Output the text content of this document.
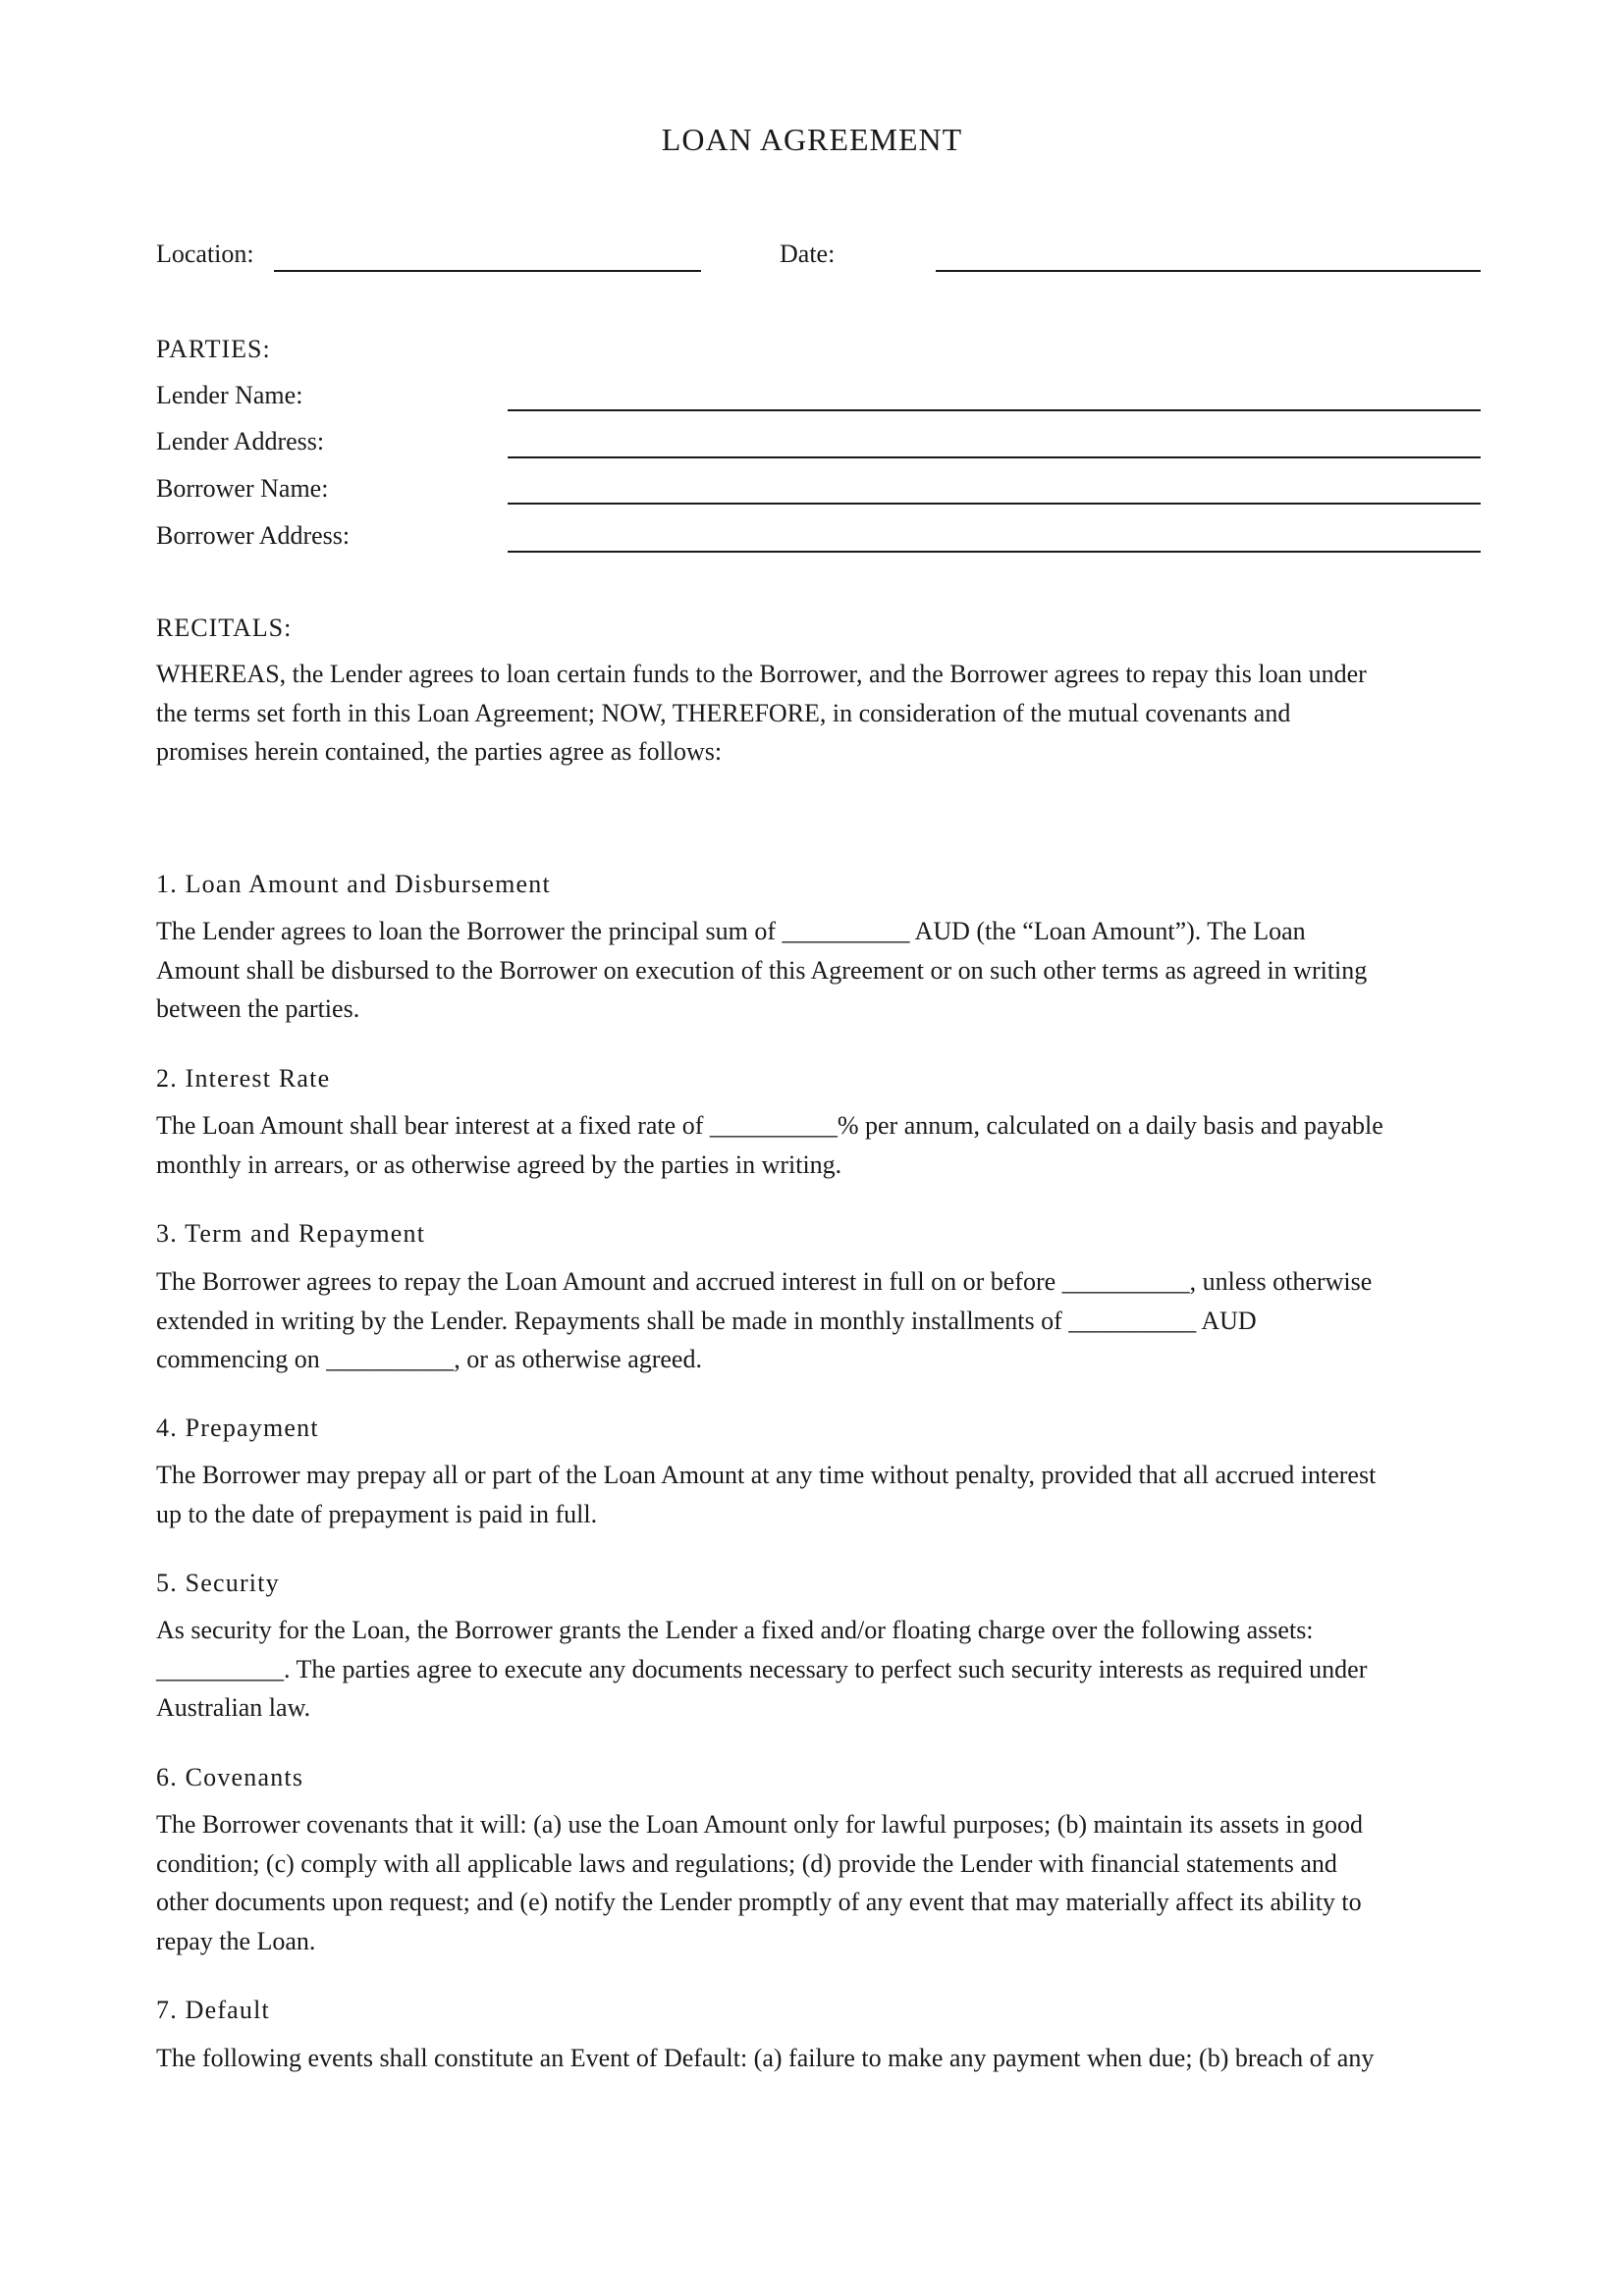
LOAN AGREEMENT
Location:	Date:
PARTIES:
Lender Name:
Lender Address:
Borrower Name:
Borrower Address:
RECITALS:

WHEREAS, the Lender agrees to loan certain funds to the Borrower, and the Borrower agrees to repay this loan under
the terms set forth in this Loan Agreement; NOW, THEREFORE, in consideration of the mutual covenants and
promises herein contained, the parties agree as follows:

1. Loan Amount and Disbursement

The Lender agrees to loan the Borrower the principal sum of __________ AUD (the “Loan Amount”). The Loan
Amount shall be disbursed to the Borrower on execution of this Agreement or on such other terms as agreed in writing
between the parties.

2. Interest Rate

The Loan Amount shall bear interest at a fixed rate of __________% per annum, calculated on a daily basis and payable
monthly in arrears, or as otherwise agreed by the parties in writing.

3. Term and Repayment

The Borrower agrees to repay the Loan Amount and accrued interest in full on or before __________, unless otherwise
extended in writing by the Lender. Repayments shall be made in monthly installments of __________ AUD
commencing on __________, or as otherwise agreed.

4. Prepayment

The Borrower may prepay all or part of the Loan Amount at any time without penalty, provided that all accrued interest
up to the date of prepayment is paid in full.

5. Security

As security for the Loan, the Borrower grants the Lender a fixed and/or floating charge over the following assets:
__________. The parties agree to execute any documents necessary to perfect such security interests as required under
Australian law.

6. Covenants

The Borrower covenants that it will: (a) use the Loan Amount only for lawful purposes; (b) maintain its assets in good
condition; (c) comply with all applicable laws and regulations; (d) provide the Lender with financial statements and
other documents upon request; and (e) notify the Lender promptly of any event that may materially affect its ability to
repay the Loan.

7. Default

The following events shall constitute an Event of Default: (a) failure to make any payment when due; (b) breach of any
